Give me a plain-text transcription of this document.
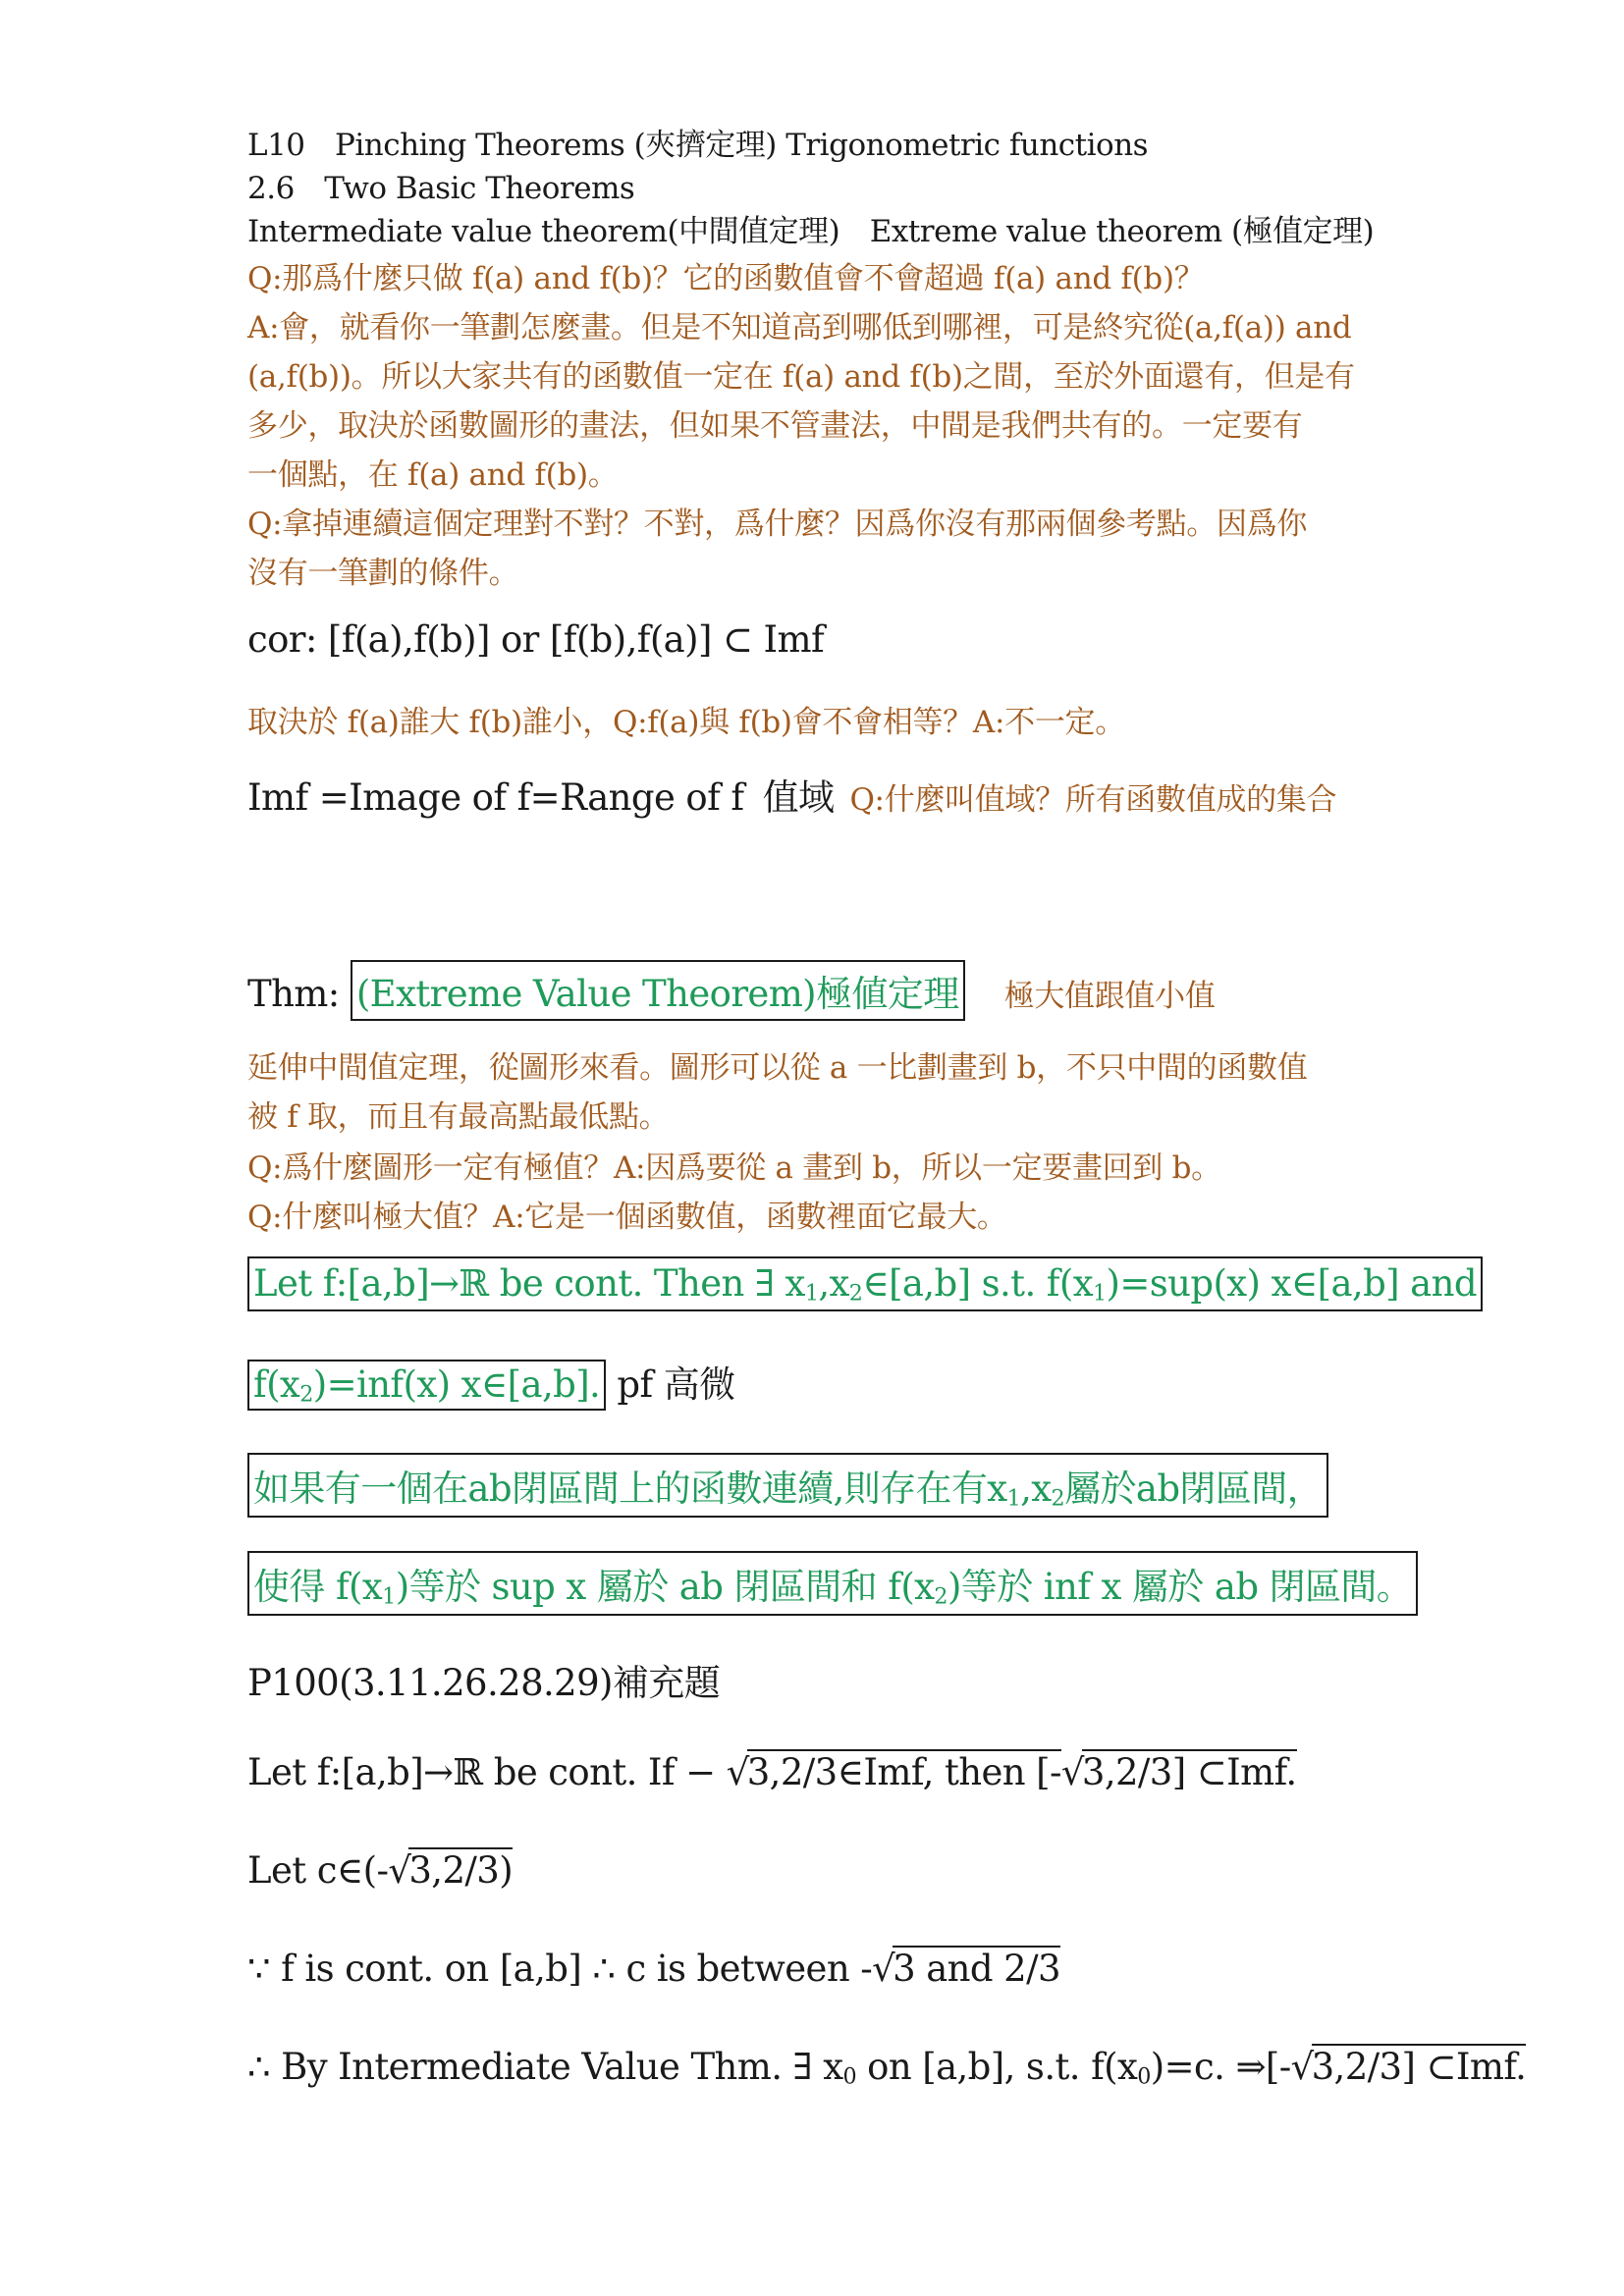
L10　Pinching Theorems (夾擠定理) Trigonometric functions
2.6　Two Basic Theorems
Intermediate value theorem(中間值定理)　Extreme value theorem (極值定理)
Q:那爲什麼只做 f(a) and f(b)？它的函數值會不會超過 f(a) and f(b)？
A:會，就看你一筆劃怎麼畫。但是不知道高到哪低到哪裡，可是終究從(a,f(a)) and
(a,f(b))。所以大家共有的函數值一定在 f(a) and f(b)之間，至於外面還有，但是有
多少，取決於函數圖形的畫法，但如果不管畫法，中間是我們共有的。一定要有
一個點，在 f(a) and f(b)。
Q:拿掉連續這個定理對不對？不對，爲什麼？因爲你沒有那兩個參考點。因爲你
沒有一筆劃的條件。
cor: [f(a),f(b)] or [f(b),f(a)] ⊂ Imf
取決於 f(a)誰大 f(b)誰小，Q:f(a)與 f(b)會不會相等？A:不一定。
Imf =Image of f=Range of f 值域 Q:什麼叫值域？所有函數值成的集合
Thm: (Extreme Value Theorem)極値定理 極大值跟值小值
延伸中間值定理，從圖形來看。圖形可以從 a 一比劃畫到 b，不只中間的函數值
被 f 取，而且有最高點最低點。
Q:爲什麼圖形一定有極值？A:因爲要從 a 畫到 b，所以一定要畫回到 b。
Q:什麼叫極大值？A:它是一個函數值，函數裡面它最大。
Let f:[a,b]→ℝ be cont. Then ∃ $x_1,x_2\in[a,b]$ s.t. $f(x_1)=sup(x)$ x∈[a,b] and
$f(x_2)=inf(x)$ x∈[a,b]. pf 高微
如果有一個在ab閉區間上的函數連續,則存在有$x_1,x_2$屬於ab閉區間，
使得 $f(x_1)$等於 sup x 屬於 ab 閉區間和 $f(x_2)$等於 inf x 屬於 ab 閉區間。
P100(3.11.26.28.29)補充題
Let f:[a,b]→ℝ be cont. If − √3,2/3∈Imf, then [-√3,2/3] ⊂Imf.
Let c∈(-√3,2/3)
∵ f is cont. on [a,b] ∴ c is between -√3 and 2/3
∴ By Intermediate Value Thm. ∃ $x_0$ on [a,b], s.t. $f(x_0)=c$. ⇒[-√3,2/3] ⊂Imf.
